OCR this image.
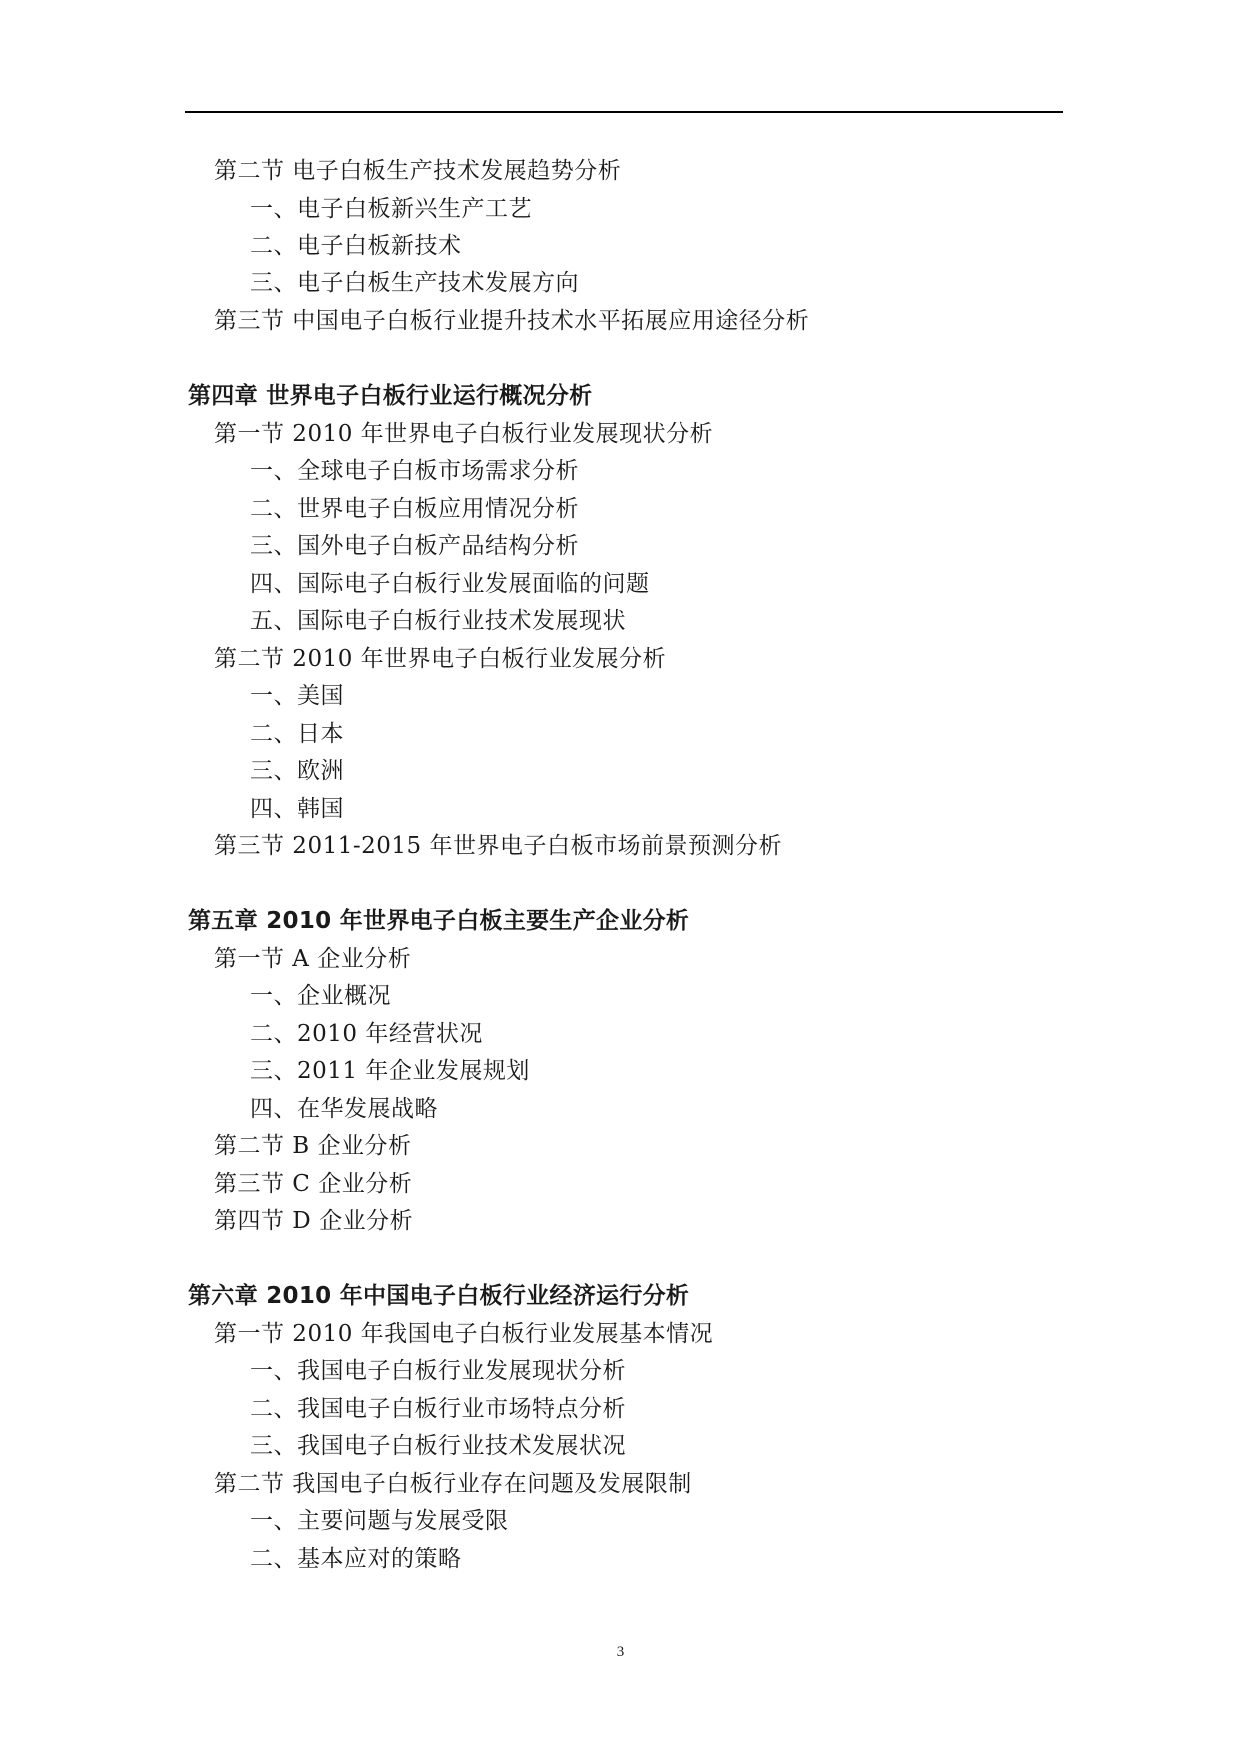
第二节 电子白板生产技术发展趋势分析
一、电子白板新兴生产工艺
二、电子白板新技术
三、电子白板生产技术发展方向
第三节 中国电子白板行业提升技术水平拓展应用途径分析
第四章 世界电子白板行业运行概况分析
第一节 2010 年世界电子白板行业发展现状分析
一、全球电子白板市场需求分析
二、世界电子白板应用情况分析
三、国外电子白板产品结构分析
四、国际电子白板行业发展面临的问题
五、国际电子白板行业技术发展现状
第二节 2010 年世界电子白板行业发展分析
一、美国
二、日本
三、欧洲
四、韩国
第三节 2011-2015 年世界电子白板市场前景预测分析
第五章 2010 年世界电子白板主要生产企业分析
第一节 A 企业分析
一、企业概况
二、2010 年经营状况
三、2011 年企业发展规划
四、在华发展战略
第二节 B 企业分析
第三节 C 企业分析
第四节 D 企业分析
第六章 2010 年中国电子白板行业经济运行分析
第一节 2010 年我国电子白板行业发展基本情况
一、我国电子白板行业发展现状分析
二、我国电子白板行业市场特点分析
三、我国电子白板行业技术发展状况
第二节 我国电子白板行业存在问题及发展限制
一、主要问题与发展受限
二、基本应对的策略
3
